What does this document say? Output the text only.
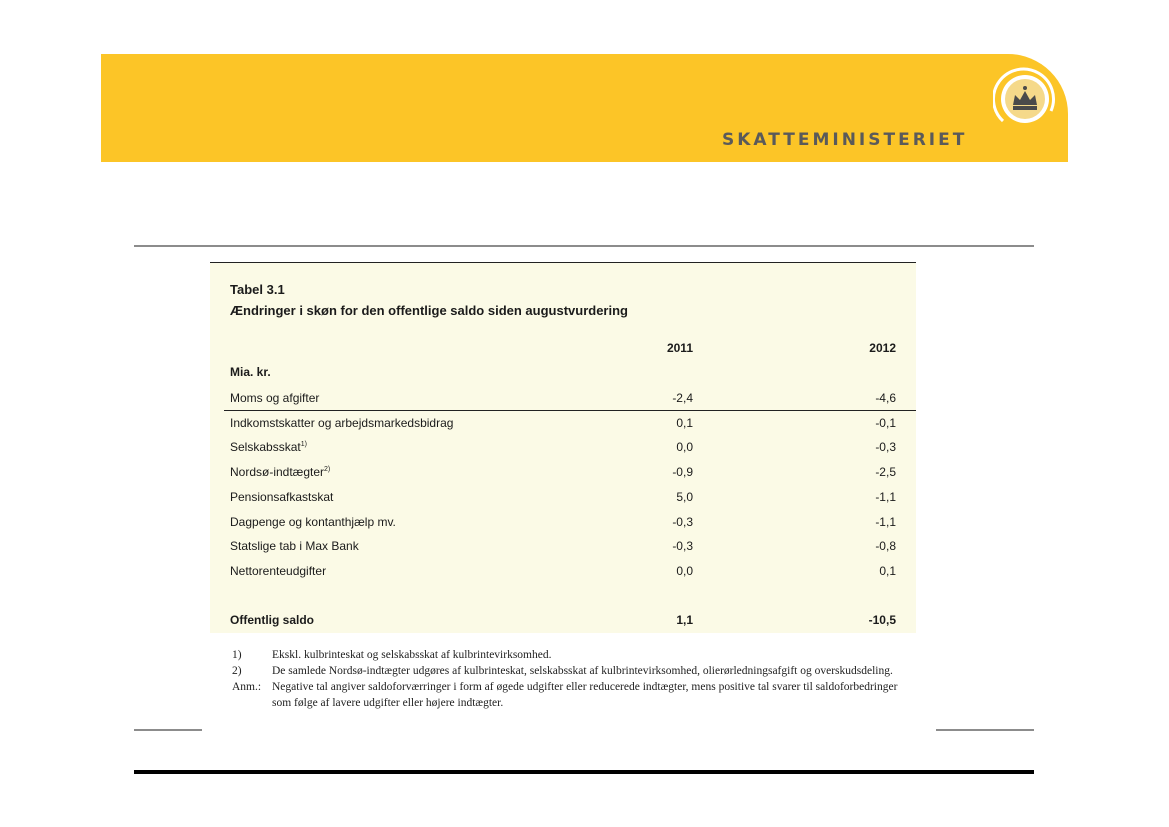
SKATTEMINISTERIET
Tabel 3.1
Ændringer i skøn for den offentlige saldo siden augustvurdering
2011	2012
Mia. kr.
Moms og afgifter	-2,4	-4,6
Indkomstskatter og arbejdsmarkedsbidrag	0,1	-0,1
Selskabsskat$^{1)}$	0,0	-0,3
Nordsø-indtægter$^{2)}$	-0,9	-2,5
Pensionsafkastskat	5,0	-1,1
Dagpenge og kontanthjælp mv.	-0,3	-1,1
Statslige tab i Max Bank	-0,3	-0,8
Nettorenteudgifter	0,0	0,1
Offentlig saldo	1,1	-10,5
1)	Ekskl. kulbrinteskat og selskabsskat af kulbrintevirksomhed.
2)	De samlede Nordsø-indtægter udgøres af kulbrinteskat, selskabsskat af kulbrintevirksomhed, olierørledningsafgift og overskudsdeling.
Anm.: Negative tal angiver saldoforværringer i form af øgede udgifter eller reducerede indtægter, mens positive tal svarer til saldoforbedringer som følge af lavere udgifter eller højere indtægter.
